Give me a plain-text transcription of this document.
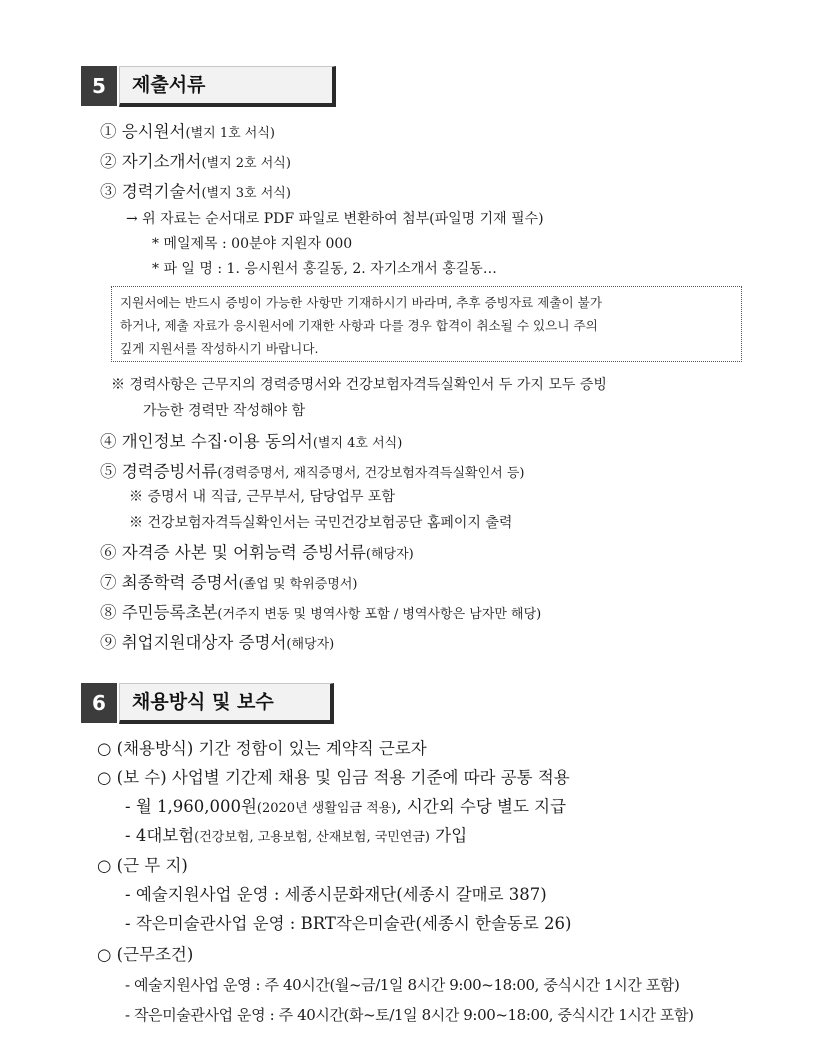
5	제출서류
① 응시원서(별지 1호 서식)
② 자기소개서(별지 2호 서식)
③ 경력기술서(별지 3호 서식)
→ 위 자료는 순서대로 PDF 파일로 변환하여 첨부(파일명 기재 필수)
* 메일제목 : 00분야 지원자 000
* 파 일 명 : 1. 응시원서 홍길동, 2. 자기소개서 홍길동…
지원서에는 반드시 증빙이 가능한 사항만 기재하시기 바라며, 추후 증빙자료 제출이 불가
하거나, 제출 자료가 응시원서에 기재한 사항과 다를 경우 합격이 취소될 수 있으니 주의
깊게 지원서를 작성하시기 바랍니다.
※ 경력사항은 근무지의 경력증명서와 건강보험자격득실확인서 두 가지 모두 증빙
가능한 경력만 작성해야 함
④ 개인정보 수집·이용 동의서(별지 4호 서식)
⑤ 경력증빙서류(경력증명서, 재직증명서, 건강보험자격득실확인서 등)
※ 증명서 내 직급, 근무부서, 담당업무 포함
※ 건강보험자격득실확인서는 국민건강보험공단 홈페이지 출력
⑥ 자격증 사본 및 어휘능력 증빙서류(해당자)
⑦ 최종학력 증명서(졸업 및 학위증명서)
⑧ 주민등록초본(거주지 변동 및 병역사항 포함 / 병역사항은 남자만 해당)
⑨ 취업지원대상자 증명서(해당자)
6	채용방식 및 보수
○ (채용방식) 기간 정함이 있는 계약직 근로자
○ (보 수) 사업별 기간제 채용 및 임금 적용 기준에 따라 공통 적용
- 월 1,960,000원(2020년 생활임금 적용), 시간외 수당 별도 지급
- 4대보험(건강보험, 고용보험, 산재보험, 국민연금) 가입
○ (근 무 지)
- 예술지원사업 운영 : 세종시문화재단(세종시 갈매로 387)
- 작은미술관사업 운영 : BRT작은미술관(세종시 한솔동로 26)
○ (근무조건)
- 예술지원사업 운영 : 주 40시간(월~금/1일 8시간 9:00~18:00, 중식시간 1시간 포함)
- 작은미술관사업 운영 : 주 40시간(화~토/1일 8시간 9:00~18:00, 중식시간 1시간 포함)
